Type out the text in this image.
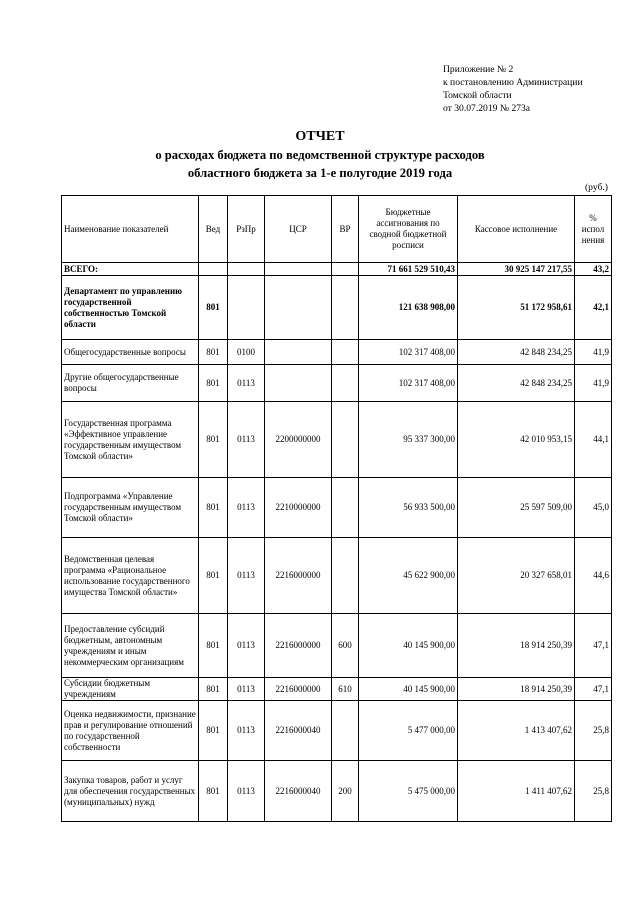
Приложение № 2
к постановлению Администрации
Томской области
от 30.07.2019 № 273а
ОТЧЕТ
о расходах бюджета по ведомственной структуре расходов
областного бюджета за 1-е полугодие 2019 года
(руб.)
Наименование показателей	Вед	РзПр	ЦСР	ВР	Бюджетные ассигнования по сводной бюджетной росписи	Кассовое исполнение	% испол нения
ВСЕГО:					71 661 529 510,43	30 925 147 217,55	43,2
Департамент по управлению государственной собственностью Томской области	801				121 638 908,00	51 172 958,61	42,1
Общегосударственные вопросы	801	0100			102 317 408,00	42 848 234,25	41,9
Другие общегосударственные вопросы	801	0113			102 317 408,00	42 848 234,25	41,9
Государственная программа «Эффективное управление государственным имуществом Томской области»	801	0113	2200000000		95 337 300,00	42 010 953,15	44,1
Подпрограмма «Управление государственным имуществом Томской области»	801	0113	2210000000		56 933 500,00	25 597 509,00	45,0
Ведомственная целевая программа «Рациональное использование государственного имущества Томской области»	801	0113	2216000000		45 622 900,00	20 327 658,01	44,6
Предоставление субсидий бюджетным, автономным учреждениям и иным некоммерческим организациям	801	0113	2216000000	600	40 145 900,00	18 914 250,39	47,1
Субсидии бюджетным учреждениям	801	0113	2216000000	610	40 145 900,00	18 914 250,39	47,1
Оценка недвижимости, признание прав и регулирование отношений по государственной собственности	801	0113	2216000040		5 477 000,00	1 413 407,62	25,8
Закупка товаров, работ и услуг для обеспечения государственных (муниципальных) нужд	801	0113	2216000040	200	5 475 000,00	1 411 407,62	25,8
